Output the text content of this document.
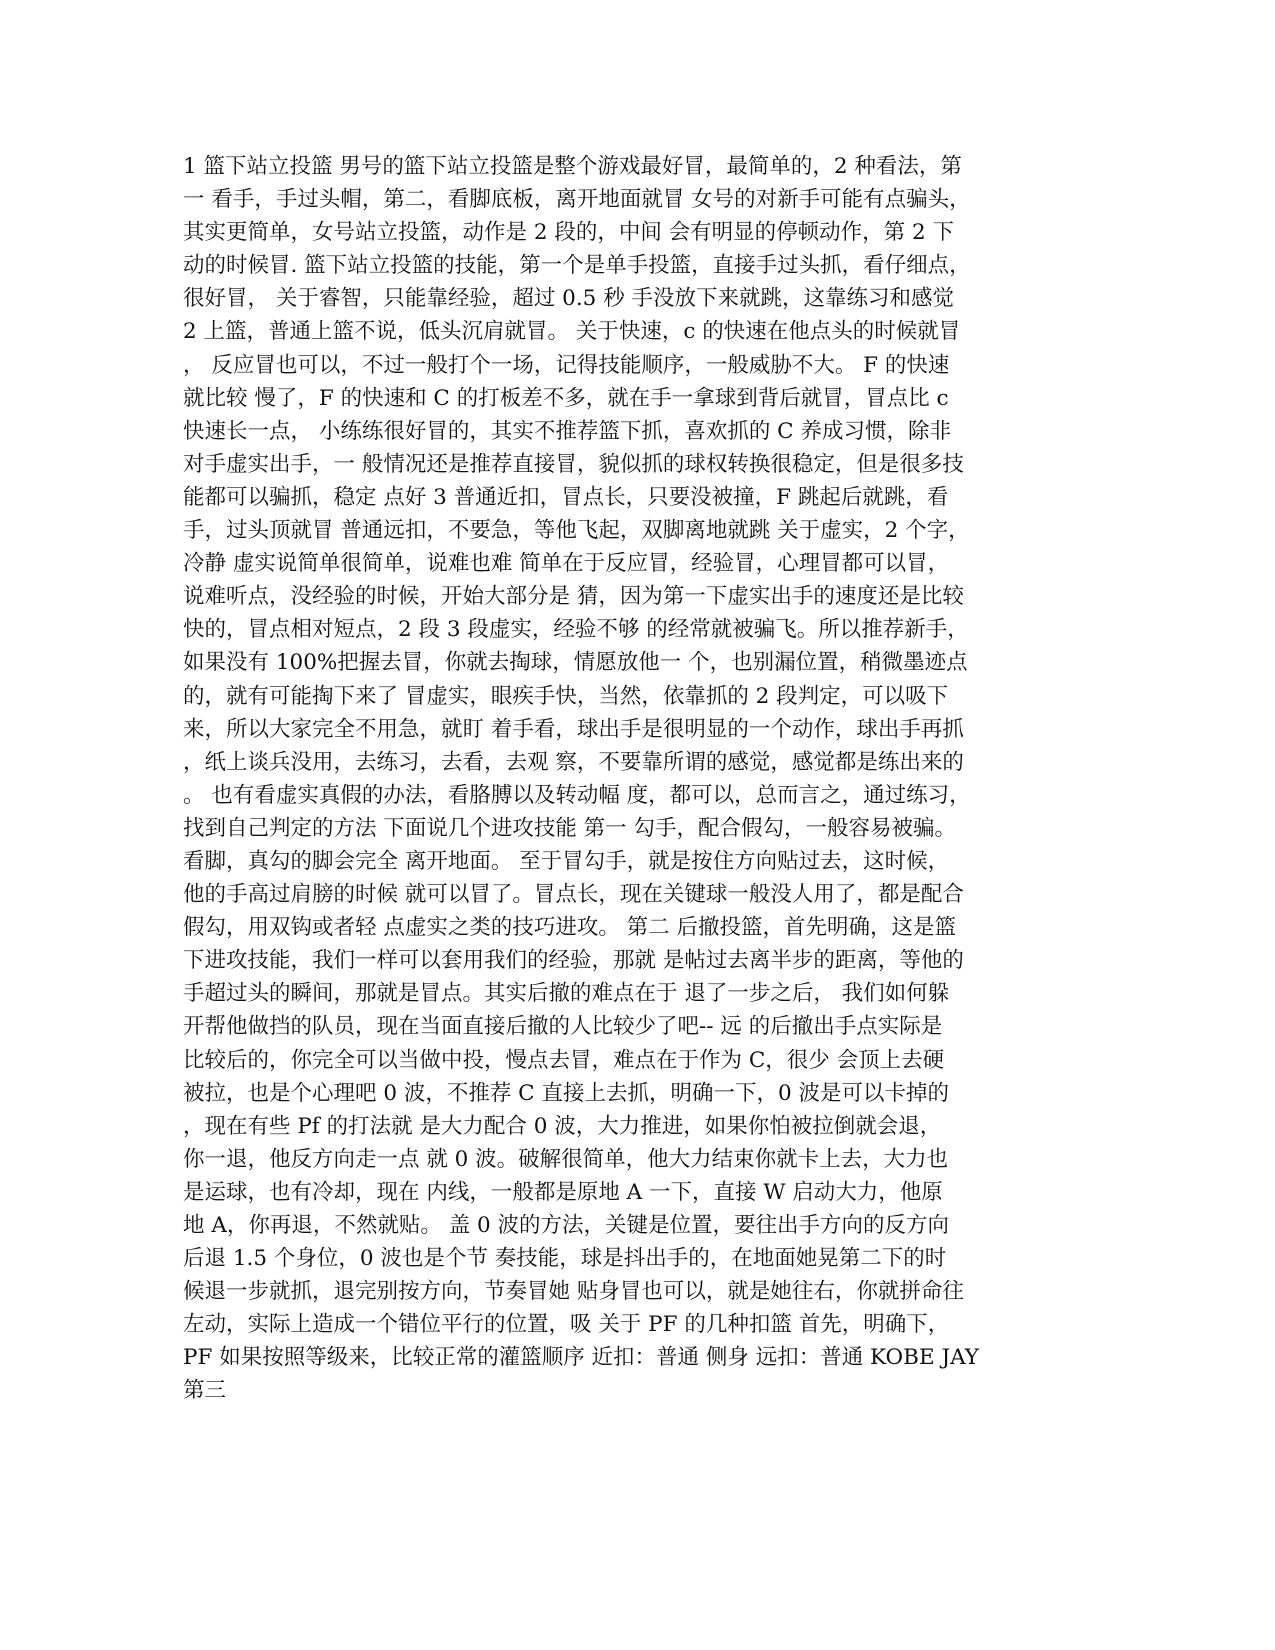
1 篮下站立投篮 男号的篮下站立投篮是整个游戏最好冒，最简单的，2 种看法，第
一 看手，手过头帽，第二，看脚底板，离开地面就冒 女号的对新手可能有点骗头，
其实更简单，女号站立投篮，动作是 2 段的，中间 会有明显的停顿动作，第 2 下
动的时候冒. 篮下站立投篮的技能，第一个是单手投篮，直接手过头抓，看仔细点，
很好冒， 关于睿智，只能靠经验，超过 0.5 秒 手没放下来就跳，这靠练习和感觉
2 上篮，普通上篮不说，低头沉肩就冒。 关于快速，c 的快速在他点头的时候就冒
， 反应冒也可以，不过一般打个一场，记得技能顺序，一般威胁不大。 F 的快速
就比较 慢了，F 的快速和 C 的打板差不多，就在手一拿球到背后就冒，冒点比 c
快速长一点， 小练练很好冒的，其实不推荐篮下抓，喜欢抓的 C 养成习惯，除非
对手虚实出手，一 般情况还是推荐直接冒，貌似抓的球权转换很稳定，但是很多技
能都可以骗抓，稳定 点好 3 普通近扣，冒点长，只要没被撞，F 跳起后就跳，看
手，过头顶就冒 普通远扣，不要急，等他飞起，双脚离地就跳 关于虚实，2 个字，
冷静 虚实说简单很简单，说难也难 简单在于反应冒，经验冒，心理冒都可以冒，
说难听点，没经验的时候，开始大部分是 猜，因为第一下虚实出手的速度还是比较
快的，冒点相对短点，2 段 3 段虚实，经验不够 的经常就被骗飞。所以推荐新手，
如果没有 100%把握去冒，你就去掏球，情愿放他一 个，也别漏位置，稍微墨迹点
的，就有可能掏下来了 冒虚实，眼疾手快，当然，依靠抓的 2 段判定，可以吸下
来，所以大家完全不用急，就盯 着手看，球出手是很明显的一个动作，球出手再抓
，纸上谈兵没用，去练习，去看，去观 察，不要靠所谓的感觉，感觉都是练出来的
。 也有看虚实真假的办法，看胳膊以及转动幅 度，都可以，总而言之，通过练习，
找到自己判定的方法 下面说几个进攻技能 第一 勾手，配合假勾，一般容易被骗。
看脚，真勾的脚会完全 离开地面。 至于冒勾手，就是按住方向贴过去，这时候，
他的手高过肩膀的时候 就可以冒了。冒点长，现在关键球一般没人用了，都是配合
假勾，用双钩或者轻 点虚实之类的技巧进攻。 第二 后撤投篮，首先明确，这是篮
下进攻技能，我们一样可以套用我们的经验，那就 是帖过去离半步的距离，等他的
手超过头的瞬间，那就是冒点。其实后撤的难点在于 退了一步之后， 我们如何躲
开帮他做挡的队员，现在当面直接后撤的人比较少了吧-- 远 的后撤出手点实际是
比较后的，你完全可以当做中投，慢点去冒，难点在于作为 C，很少 会顶上去硬
被拉，也是个心理吧 0 波，不推荐 C 直接上去抓，明确一下，0 波是可以卡掉的
，现在有些 Pf 的打法就 是大力配合 0 波，大力推进，如果你怕被拉倒就会退，
你一退，他反方向走一点 就 0 波。破解很简单，他大力结束你就卡上去，大力也
是运球，也有冷却，现在 内线，一般都是原地 A 一下，直接 W 启动大力，他原
地 A，你再退，不然就贴。 盖 0 波的方法，关键是位置，要往出手方向的反方向
后退 1.5 个身位，0 波也是个节 奏技能，球是抖出手的，在地面她晃第二下的时
候退一步就抓，退完别按方向，节奏冒她 贴身冒也可以，就是她往右，你就拼命往
左动，实际上造成一个错位平行的位置，吸 关于 PF 的几种扣篮 首先，明确下，
PF 如果按照等级来，比较正常的灌篮顺序 近扣：普通 侧身 远扣：普通 KOBE JAY
第三
